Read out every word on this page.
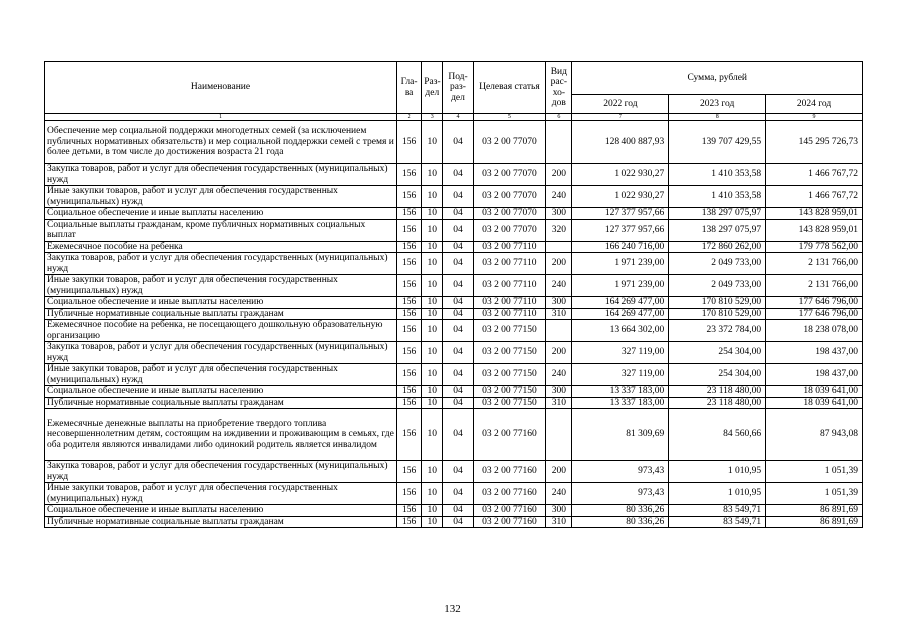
Наименование	Гла-ва	Раз-дел	Под-раз-дел	Целевая статья	Вид рас-хо-дов	Сумма, рублей		
						2022 год	2023 год	2024 год
1	2	3	4	5	6	7	8	9
Обеспечение мер социальной поддержки многодетных семей (за исключением публичных нормативных обязательств) и мер социальной поддержки семей с тремя и более детьми, в том числе до достижения возраста 21 года	156	10	04	03 2 00 77070		128 400 887,93	139 707 429,55	145 295 726,73
Закупка товаров, работ и услуг для обеспечения государственных (муниципальных) нужд	156	10	04	03 2 00 77070	200	1 022 930,27	1 410 353,58	1 466 767,72
Иные закупки товаров, работ и услуг для обеспечения государственных (муниципальных) нужд	156	10	04	03 2 00 77070	240	1 022 930,27	1 410 353,58	1 466 767,72
Социальное обеспечение и иные выплаты населению	156	10	04	03 2 00 77070	300	127 377 957,66	138 297 075,97	143 828 959,01
Социальные выплаты гражданам, кроме публичных нормативных социальных выплат	156	10	04	03 2 00 77070	320	127 377 957,66	138 297 075,97	143 828 959,01
Ежемесячное пособие на ребенка	156	10	04	03 2 00 77110		166 240 716,00	172 860 262,00	179 778 562,00
Закупка товаров, работ и услуг для обеспечения государственных (муниципальных) нужд	156	10	04	03 2 00 77110	200	1 971 239,00	2 049 733,00	2 131 766,00
Иные закупки товаров, работ и услуг для обеспечения государственных (муниципальных) нужд	156	10	04	03 2 00 77110	240	1 971 239,00	2 049 733,00	2 131 766,00
Социальное обеспечение и иные выплаты населению	156	10	04	03 2 00 77110	300	164 269 477,00	170 810 529,00	177 646 796,00
Публичные нормативные социальные выплаты гражданам	156	10	04	03 2 00 77110	310	164 269 477,00	170 810 529,00	177 646 796,00
Ежемесячное пособие на ребенка, не посещающего дошкольную образовательную организацию	156	10	04	03 2 00 77150		13 664 302,00	23 372 784,00	18 238 078,00
Закупка товаров, работ и услуг для обеспечения государственных (муниципальных) нужд	156	10	04	03 2 00 77150	200	327 119,00	254 304,00	198 437,00
Иные закупки товаров, работ и услуг для обеспечения государственных (муниципальных) нужд	156	10	04	03 2 00 77150	240	327 119,00	254 304,00	198 437,00
Социальное обеспечение и иные выплаты населению	156	10	04	03 2 00 77150	300	13 337 183,00	23 118 480,00	18 039 641,00
Публичные нормативные социальные выплаты гражданам	156	10	04	03 2 00 77150	310	13 337 183,00	23 118 480,00	18 039 641,00
Ежемесячные денежные выплаты на приобретение твердого топлива несовершеннолетним детям, состоящим на иждивении и проживающим в семьях, где оба родителя являются инвалидами либо одинокий родитель является инвалидом	156	10	04	03 2 00 77160		81 309,69	84 560,66	87 943,08
Закупка товаров, работ и услуг для обеспечения государственных (муниципальных) нужд	156	10	04	03 2 00 77160	200	973,43	1 010,95	1 051,39
Иные закупки товаров, работ и услуг для обеспечения государственных (муниципальных) нужд	156	10	04	03 2 00 77160	240	973,43	1 010,95	1 051,39
Социальное обеспечение и иные выплаты населению	156	10	04	03 2 00 77160	300	80 336,26	83 549,71	86 891,69
Публичные нормативные социальные выплаты гражданам	156	10	04	03 2 00 77160	310	80 336,26	83 549,71	86 891,69
132
